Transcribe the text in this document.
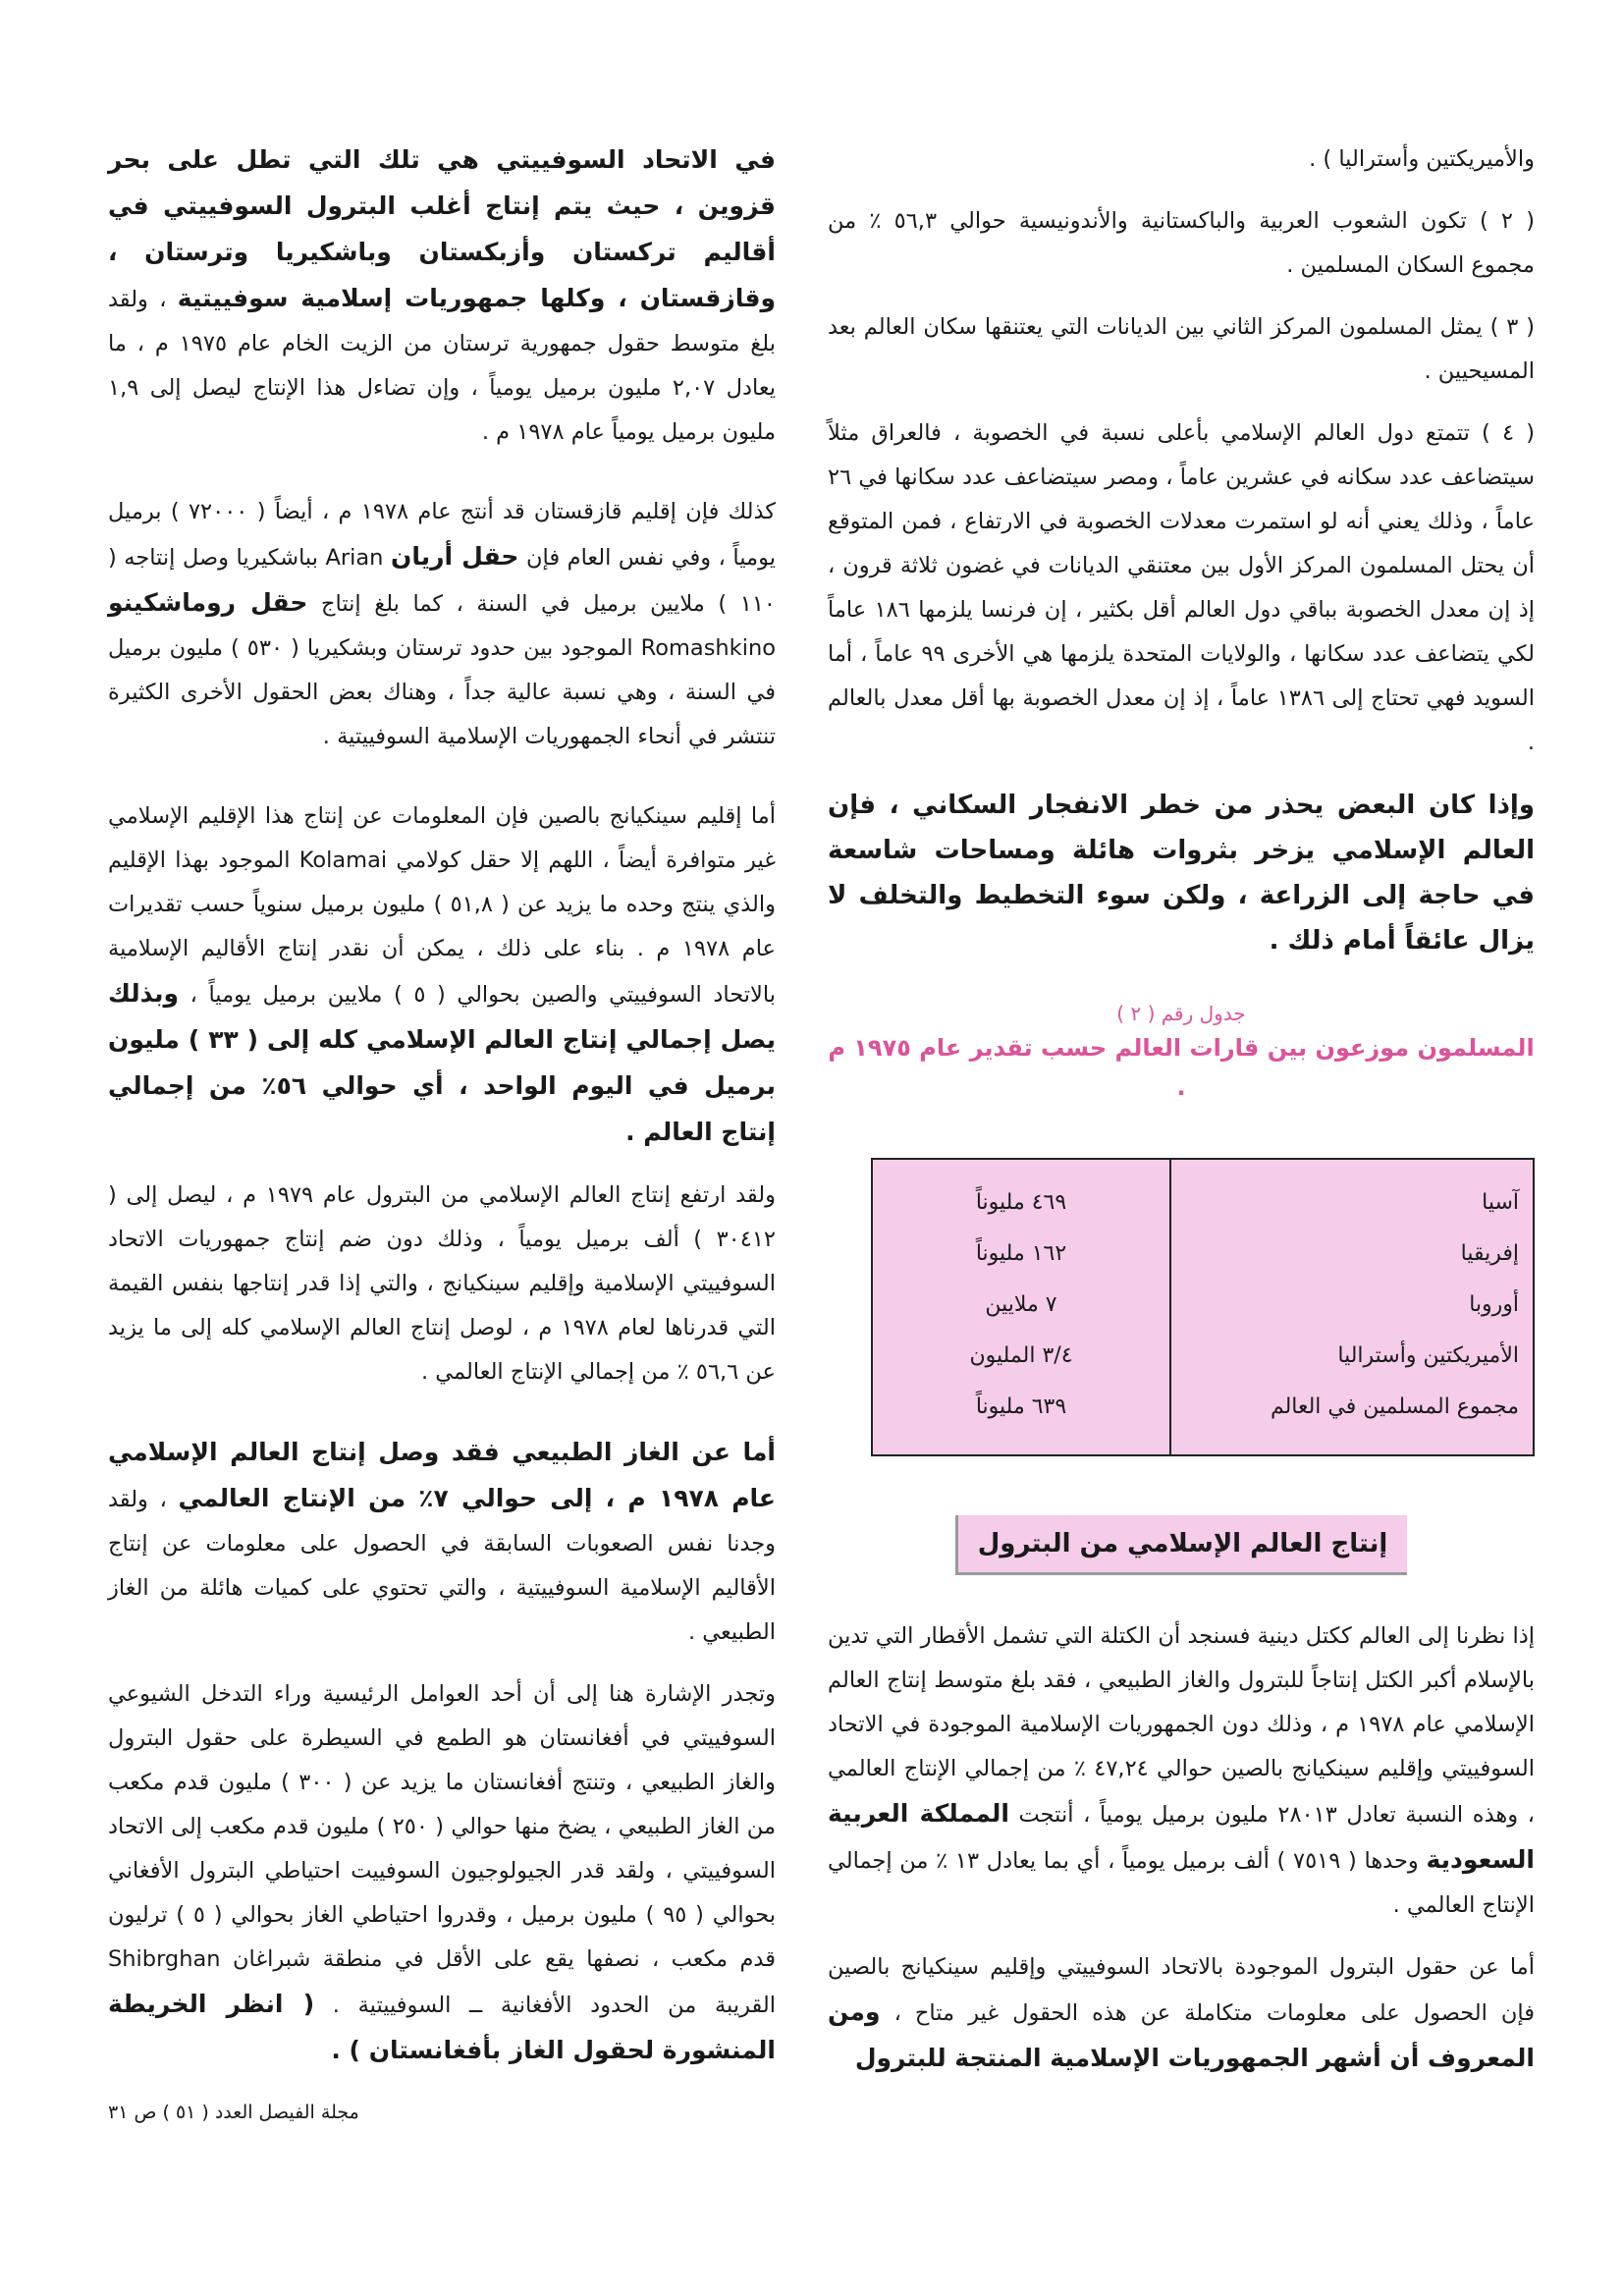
والأميريكتين وأستراليا ) .

( ٢ ) تكون الشعوب العربية والباكستانية والأندونيسية حوالي ٥٦,٣ ٪ من مجموع السكان المسلمين .

( ٣ ) يمثل المسلمون المركز الثاني بين الديانات التي يعتنقها سكان العالم بعد المسيحيين .

( ٤ ) تتمتع دول العالم الإسلامي بأعلى نسبة في الخصوبة ، فالعراق مثلاً سيتضاعف عدد سكانه في عشرين عاماً ، ومصر سيتضاعف عدد سكانها في ٢٦ عاماً ، وذلك يعني أنه لو استمرت معدلات الخصوبة في الارتفاع ، فمن المتوقع أن يحتل المسلمون المركز الأول بين معتنقي الديانات في غضون ثلاثة قرون ، إذ إن معدل الخصوبة بباقي دول العالم أقل بكثير ، إن فرنسا يلزمها ١٨٦ عاماً لكي يتضاعف عدد سكانها ، والولايات المتحدة يلزمها هي الأخرى ٩٩ عاماً ، أما السويد فهي تحتاج إلى ١٣٨٦ عاماً ، إذ إن معدل الخصوبة بها أقل معدل بالعالم .

وإذا كان البعض يحذر من خطر الانفجار السكاني ، فإن العالم الإسلامي يزخر بثروات هائلة ومساحات شاسعة في حاجة إلى الزراعة ، ولكن سوء التخطيط والتخلف لا يزال عائقاً أمام ذلك .

جدول رقم ( ٢ )
المسلمون موزعون بين قارات العالم حسب تقدير عام ١٩٧٥ م .
آسيا	٤٦٩ مليوناً
إفريقيا	١٦٢ مليوناً
أوروبا	٧ ملايين
الأميريكتين وأستراليا	٣/٤ المليون
مجموع المسلمين في العالم	٦٣٩ مليوناً
إنتاج العالم الإسلامي من البترول

إذا نظرنا إلى العالم ككتل دينية فسنجد أن الكتلة التي تشمل الأقطار التي تدين بالإسلام أكبر الكتل إنتاجاً للبترول والغاز الطبيعي ، فقد بلغ متوسط إنتاج العالم الإسلامي عام ١٩٧٨ م ، وذلك دون الجمهوريات الإسلامية الموجودة في الاتحاد السوفييتي وإقليم سينكيانج بالصين حوالي ٤٧,٢٤ ٪ من إجمالي الإنتاج العالمي ، وهذه النسبة تعادل ٢٨٠١٣ مليون برميل يومياً ، أنتجت المملكة العربية السعودية وحدها ( ٧٥١٩ ) ألف برميل يومياً ، أي بما يعادل ١٣ ٪ من إجمالي الإنتاج العالمي .

أما عن حقول البترول الموجودة بالاتحاد السوفييتي وإقليم سينكيانج بالصين فإن الحصول على معلومات متكاملة عن هذه الحقول غير متاح ، ومن المعروف أن أشهر الجمهوريات الإسلامية المنتجة للبترول

في الاتحاد السوفييتي هي تلك التي تطل على بحر قزوين ، حيث يتم إنتاج أغلب البترول السوفييتي في أقاليم تركستان وأزبكستان وباشكيريا وترستان ، وقازقستان ، وكلها جمهوريات إسلامية سوفييتية ، ولقد بلغ متوسط حقول جمهورية ترستان من الزيت الخام عام ١٩٧٥ م ، ما يعادل ٢,٠٧ مليون برميل يومياً ، وإن تضاءل هذا الإنتاج ليصل إلى ١,٩ مليون برميل يومياً عام ١٩٧٨ م .

كذلك فإن إقليم قازقستان قد أنتج عام ١٩٧٨ م ، أيضاً ( ٧٢٠٠٠ ) برميل يومياً ، وفي نفس العام فإن حقل أريان Arian بباشكيريا وصل إنتاجه ( ١١٠ ) ملايين برميل في السنة ، كما بلغ إنتاج حقل روماشكينو Romashkino الموجود بين حدود ترستان وبشكيريا ( ٥٣٠ ) مليون برميل في السنة ، وهي نسبة عالية جداً ، وهناك بعض الحقول الأخرى الكثيرة تنتشر في أنحاء الجمهوريات الإسلامية السوفييتية .

أما إقليم سينكيانج بالصين فإن المعلومات عن إنتاج هذا الإقليم الإسلامي غير متوافرة أيضاً ، اللهم إلا حقل كولامي Kolamai الموجود بهذا الإقليم والذي ينتج وحده ما يزيد عن ( ٥١,٨ ) مليون برميل سنوياً حسب تقديرات عام ١٩٧٨ م . بناء على ذلك ، يمكن أن نقدر إنتاج الأقاليم الإسلامية بالاتحاد السوفييتي والصين بحوالي ( ٥ ) ملايين برميل يومياً ، وبذلك يصل إجمالي إنتاج العالم الإسلامي كله إلى ( ٣٣ ) مليون برميل في اليوم الواحد ، أي حوالي ٥٦٪ من إجمالي إنتاج العالم .

ولقد ارتفع إنتاج العالم الإسلامي من البترول عام ١٩٧٩ م ، ليصل إلى ( ٣٠٤١٢ ) ألف برميل يومياً ، وذلك دون ضم إنتاج جمهوريات الاتحاد السوفييتي الإسلامية وإقليم سينكيانج ، والتي إذا قدر إنتاجها بنفس القيمة التي قدرناها لعام ١٩٧٨ م ، لوصل إنتاج العالم الإسلامي كله إلى ما يزيد عن ٥٦,٦ ٪ من إجمالي الإنتاج العالمي .

أما عن الغاز الطبيعي فقد وصل إنتاج العالم الإسلامي عام ١٩٧٨ م ، إلى حوالي ٧٪ من الإنتاج العالمي ، ولقد وجدنا نفس الصعوبات السابقة في الحصول على معلومات عن إنتاج الأقاليم الإسلامية السوفييتية ، والتي تحتوي على كميات هائلة من الغاز الطبيعي .

وتجدر الإشارة هنا إلى أن أحد العوامل الرئيسية وراء التدخل الشيوعي السوفييتي في أفغانستان هو الطمع في السيطرة على حقول البترول والغاز الطبيعي ، وتنتج أفغانستان ما يزيد عن ( ٣٠٠ ) مليون قدم مكعب من الغاز الطبيعي ، يضخ منها حوالي ( ٢٥٠ ) مليون قدم مكعب إلى الاتحاد السوفييتي ، ولقد قدر الجيولوجيون السوفييت احتياطي البترول الأفغاني بحوالي ( ٩٥ ) مليون برميل ، وقدروا احتياطي الغاز بحوالي ( ٥ ) ترليون قدم مكعب ، نصفها يقع على الأقل في منطقة شبراغان Shibrghan القريبة من الحدود الأفغانية ــ السوفييتية . ( انظر الخريطة المنشورة لحقول الغاز بأفغانستان ) .

مجلة الفيصل العدد ( ٥١ ) ص ٣١
